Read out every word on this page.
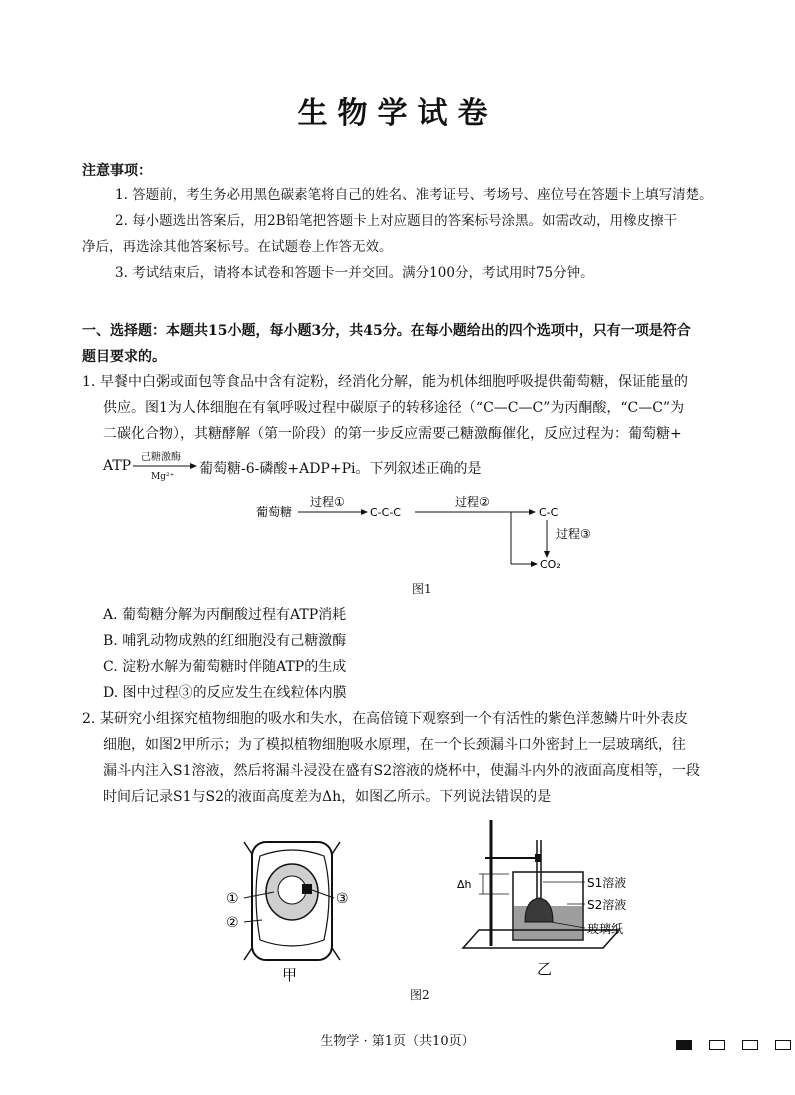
生物学试卷
注意事项：
1. 答题前，考生务必用黑色碳素笔将自己的姓名、准考证号、考场号、座位号在答题卡上填写清楚。
2. 每小题选出答案后，用2B铅笔把答题卡上对应题目的答案标号涂黑。如需改动，用橡皮擦干
净后，再选涂其他答案标号。在试题卷上作答无效。
3. 考试结束后，请将本试卷和答题卡一并交回。满分100分，考试用时75分钟。
一、选择题：本题共15小题，每小题3分，共45分。在每小题给出的四个选项中，只有一项是符合
题目要求的。
1. 早餐中白粥或面包等食品中含有淀粉，经消化分解，能为机体细胞呼吸提供葡萄糖，保证能量的
供应。图1为人体细胞在有氧呼吸过程中碳原子的转移途径（“C—C—C”为丙酮酸，“C—C”为
二碳化合物），其糖酵解（第一阶段）的第一步反应需要己糖激酶催化，反应过程为：葡萄糖+
ATP
己糖激酶
Mg²⁺ 葡萄糖-6-磷酸+ADP+Pi。下列叙述正确的是
葡萄糖
过程①
C-C-C
过程②
C-C
过程③
CO₂
图1
A. 葡萄糖分解为丙酮酸过程有ATP消耗
B. 哺乳动物成熟的红细胞没有己糖激酶
C. 淀粉水解为葡萄糖时伴随ATP的生成
D. 图中过程③的反应发生在线粒体内膜
2. 某研究小组探究植物细胞的吸水和失水，在高倍镜下观察到一个有活性的紫色洋葱鳞片叶外表皮
细胞，如图2甲所示；为了模拟植物细胞吸水原理，在一个长颈漏斗口外密封上一层玻璃纸，往
漏斗内注入S1溶液，然后将漏斗浸没在盛有S2溶液的烧杯中，使漏斗内外的液面高度相等，一段
时间后记录S1与S2的液面高度差为Δh，如图乙所示。下列说法错误的是
①
②
③
甲
Δh	S1溶液
S2溶液
玻璃纸
乙
图2
生物学 · 第1页（共10页）
